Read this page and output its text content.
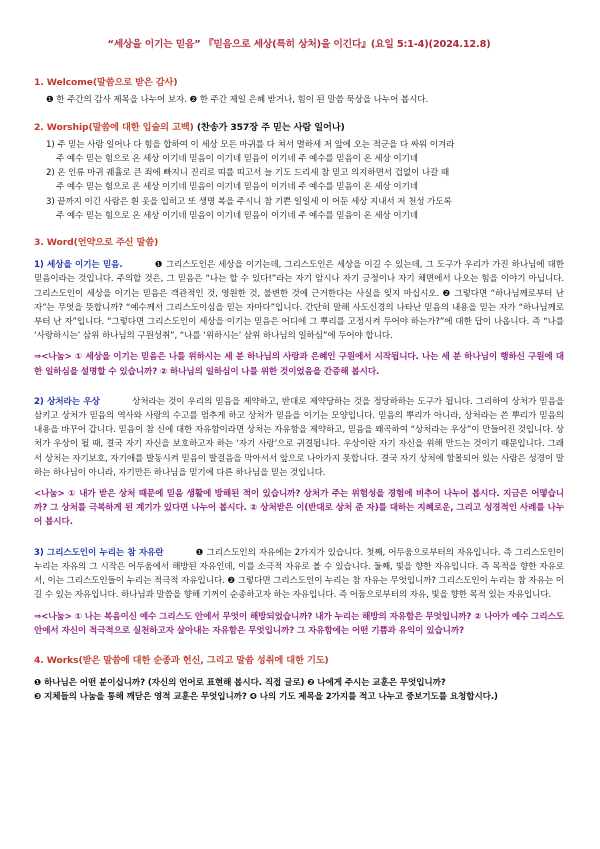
“세상을 이기는 믿음” 『믿음으로 세상(특히 상처)을 이긴다』(요일 5:1-4)(2024.12.8)
1. Welcome(말씀으로 받은 감사)
❶ 한 주간의 감사 제목을 나누어 보자. ❷ 한 주간 제일 은혜 받거나, 힘이 된 말씀 묵상을 나누어 봅시다.
2. Worship(말씀에 대한 입술의 고백) (찬송가 357장 주 믿는 사람 일어나)
1) 주 믿는 사람 일어나 다 힘을 합하여 이 세상 모든 마귀를 다 쳐서 멸하세 저 앞에 오는 적군을 다 싸워 이겨라
주 예수 믿는 힘으로 온 세상 이기네 믿음이 이기네 믿음이 이기네 주 예수를 믿음이 온 세상 이기네
2) 온 인류 마귀 궤휼로 큰 죄에 빠지니 진리로 띠를 띠고서 늘 기도 드리세 참 믿고 의지하면서 겁없이 나갈 때
주 예수 믿는 힘으로 온 세상 이기네 믿음이 이기네 믿음이 이기네 주 예수를 믿음이 온 세상 이기네
3) 끝까지 이긴 사람은 흰 옷을 입히고 또 생명 복을 주시니 참 기쁜 일일세 이 어둔 세상 지내서 저 천성 가도록
주 예수 믿는 힘으로 온 세상 이기네 믿음이 이기네 믿음이 이기네 주 예수를 믿음이 온 세상 이기네
3. Word(언약으로 주신 말씀)
1) 세상을 이기는 믿음.	❶ 그리스도인은 세상을 이기는데, 그리스도인은 세상을 이길 수 있는데, 그 도구가 우리가 가진 하나님에 대한 믿음이라는 것입니다. 주의할 것은, 그 믿음은 “나는 할 수 있다!”라는 자기 암시나 자기 긍정이나 자기 체면에서 나오는 힘을 이야기 아닙니다. 그리스도인이 세상을 이기는 믿음은 객관적인 것, 영원한 것, 불변한 것에 근거한다는 사실을 잊지 마십시오. ❷ 그렇다면 “하나님께로부터 난 자”는 무엇을 뜻합니까? “예수께서 그리스도이심을 믿는 자마다”입니다. 간단히 말해 사도신경의 나타난 믿음의 내용을 믿는 자가 “하나님께로부터 난 자”입니다. “그렇다면 그리스도인이 세상을 이기는 믿음은 어디에 그 뿌리를 고정시켜 두어야 하는가?”에 대한 답이 나옵니다. 즉 “나를 ‘사랑하시는’ 삼위 하나님의 구원성취”, “나를 ‘위하시는’ 삼위 하나님의 일하심”에 두어야 합니다.
⇒<나눔> ① 세상을 이기는 믿음은 나를 위하시는 세 분 하나님의 사랑과 은혜인 구원에서 시작됩니다. 나는 세 분 하나님이 행하신 구원에 대한 일하심을 설명할 수 있습니까? ② 하나님의 일하심이 나를 위한 것이었음을 간증해 봅시다.
2) 상처라는 우상	상처라는 것이 우리의 믿음을 제약하고, 반대로 제약당하는 것을 정당하하는 도구가 됩니다. 그리하여 상처가 믿음을 삼키고 상처가 믿음의 역사와 사랑의 수고를 멈추게 하고 상처가 믿음을 이기는 모양입니다. 믿음의 뿌리가 아니라, 상처라는 쓴 뿌리가 믿음의 내용을 바꾸어 갑니다. 믿음이 참 신에 대한 자유함이라면 상처는 자유함을 제약하고, 믿음을 왜곡하여 “상처라는 우상”이 만들어진 것입니다. 상처가 우상이 될 때, 결국 자기 자신을 보호하고자 하는 ‘자기 사랑’으로 귀결됩니다. 우상이란 자기 자신을 위해 만드는 것이기 때문입니다. 그래서 상처는 자기보호, 자기애를 발동시켜 믿음이 발걸음을 막아서서 앞으로 나아가지 못합니다. 결국 자기 상처에 함몰되어 있는 사람은 성경이 말하는 하나님이 아니라, 자기만든 하나님을 믿기에 다른 하나님을 믿는 것입니다.
<나눔> ① 내가 받은 상처 때문에 믿음 생활에 방해된 적이 있습니까? 상처가 주는 위험성을 경험에 비추어 나누어 봅시다. 지금은 어떻습니까? 그 상처를 극복하게 된 계기가 있다면 나누어 봅시다. ② 상처받은 이(반대로 상처 준 자)를 대하는 지혜로운, 그리고 성경적인 사례를 나누어 봅시다.
3) 그리스도인이 누리는 참 자유란	❶ 그리스도인의 자유에는 2가지가 있습니다. 첫째, 어두움으로부터의 자유입니다. 즉 그리스도인이 누리는 자유의 그 시작은 어두움에서 해방된 자유인데, 이를 소극적 자유로 볼 수 있습니다. 둘째, 빛을 향한 자유입니다. 즉 목적을 향한 자유로서, 이는 그리스도인들이 누리는 적극적 자유입니다. ❷ 그렇다면 그리스도인이 누리는 참 자유는 무엇입니까? 그리스도인이 누리는 참 자유는 이길 수 있는 자유입니다. 하나님과 말씀을 향해 기꺼이 순종하고자 하는 자유입니다. 즉 어둠으로부터의 자유, 빛을 향한 목적 있는 자유입니다.
⇒<나눔> ① 나는 복음이신 예수 그리스도 안에서 무엇이 해방되었습니까? 내가 누리는 해방의 자유함은 무엇입니까? ② 나아가 예수 그리스도 안에서 자신이 적극적으로 실천하고자 살아내는 자유함은 무엇입니까? 그 자유함에는 어떤 기쁨과 유익이 있습니까?
4. Works(받은 말씀에 대한 순종과 헌신, 그리고 말씀 성취에 대한 기도)
❶ 하나님은 어떤 분이십니까? (자신의 언어로 표현해 봅시다. 직접 글로) ❷ 나에게 주시는 교훈은 무엇입니까?
❸ 지체들의 나눔을 통해 깨닫은 영적 교훈은 무엇입니까? ❹ 나의 기도 제목을 2가지를 적고 나누고 중보기도를 요청합시다.)
